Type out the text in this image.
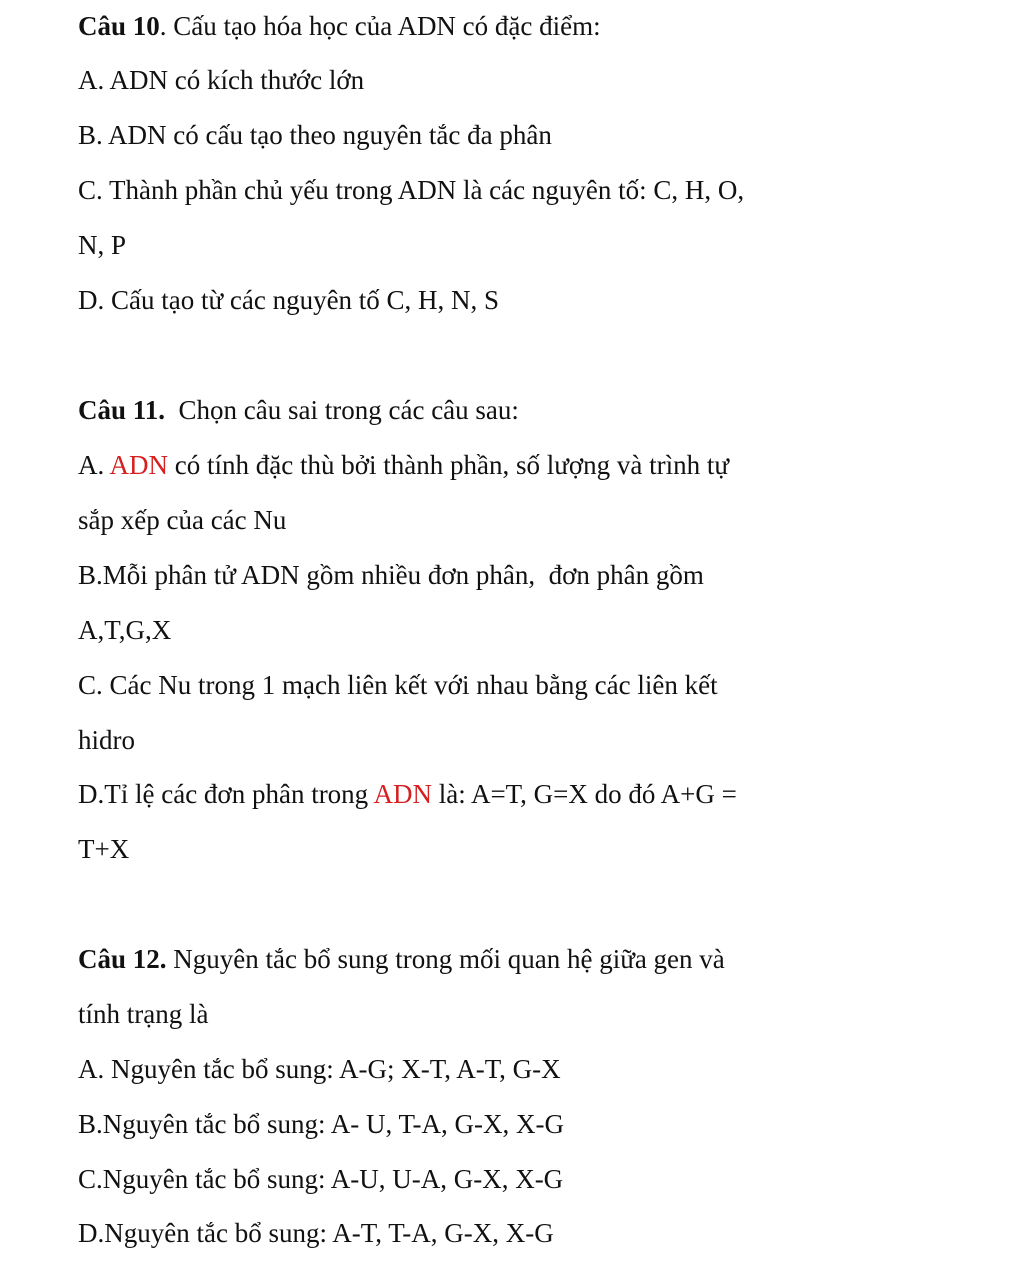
Câu 10. Cấu tạo hóa học của ADN có đặc điểm:
A. ADN có kích thước lớn
B. ADN có cấu tạo theo nguyên tắc đa phân
C. Thành phần chủ yếu trong ADN là các nguyên tố: C, H, O,
N, P
D. Cấu tạo từ các nguyên tố C, H, N, S
Câu 11.  Chọn câu sai trong các câu sau:
A. ADN có tính đặc thù bởi thành phần, số lượng và trình tự
sắp xếp của các Nu
B.Mỗi phân tử ADN gồm nhiều đơn phân,  đơn phân gồm
A,T,G,X
C. Các Nu trong 1 mạch liên kết với nhau bằng các liên kết
hidro
D.Tỉ lệ các đơn phân trong ADN là: A=T, G=X do đó A+G =
T+X
Câu 12. Nguyên tắc bổ sung trong mối quan hệ giữa gen và
tính trạng là
A. Nguyên tắc bổ sung: A-G; X-T, A-T, G-X
B.Nguyên tắc bổ sung: A- U, T-A, G-X, X-G
C.Nguyên tắc bổ sung: A-U, U-A, G-X, X-G
D.Nguyên tắc bổ sung: A-T, T-A, G-X, X-G
